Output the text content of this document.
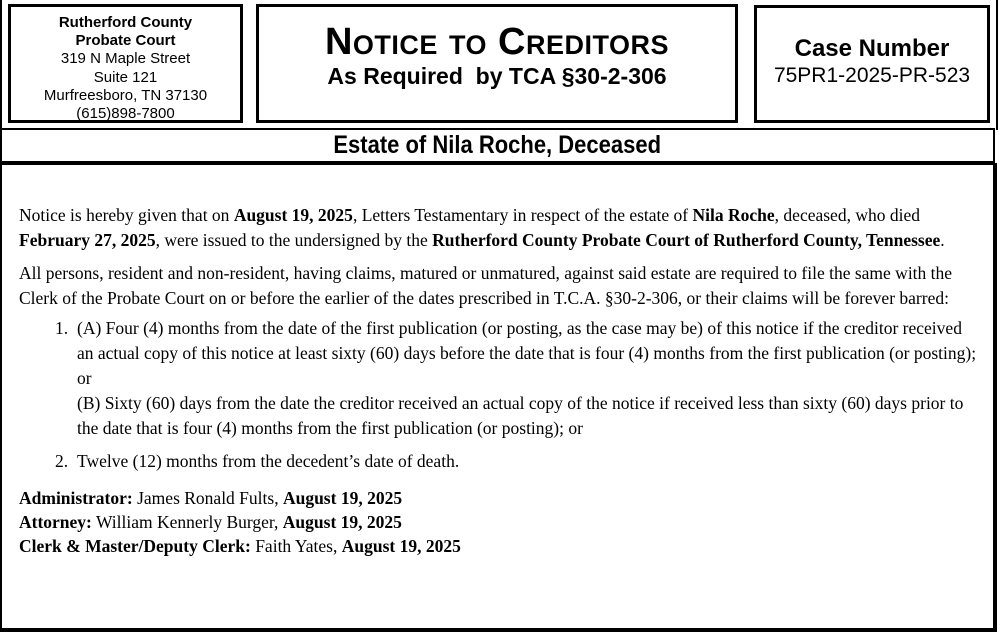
Rutherford County
Probate Court
319 N Maple Street
Suite 121
Murfreesboro, TN 37130
(615)898-7800
Notice to Creditors
As Required  by TCA §30-2-306
Case Number
75PR1-2025-PR-523
Estate of Nila Roche, Deceased

Notice is hereby given that on August 19, 2025, Letters Testamentary in respect of the estate of Nila Roche, deceased, who died February 27, 2025, were issued to the undersigned by the Rutherford County Probate Court of Rutherford County, Tennessee.

All persons, resident and non-resident, having claims, matured or unmatured, against said estate are required to file the same with the Clerk of the Probate Court on or before the earlier of the dates prescribed in T.C.A. §30-2-306, or their claims will be forever barred:

1. (A) Four (4) months from the date of the first publication (or posting, as the case may be) of this notice if the creditor received an actual copy of this notice at least sixty (60) days before the date that is four (4) months from the first publication (or posting); or
(B) Sixty (60) days from the date the creditor received an actual copy of the notice if received less than sixty (60) days prior to the date that is four (4) months from the first publication (or posting); or
2. Twelve (12) months from the decedent’s date of death.
Administrator: James Ronald Fults, August 19, 2025
Attorney: William Kennerly Burger, August 19, 2025
Clerk & Master/Deputy Clerk: Faith Yates, August 19, 2025
